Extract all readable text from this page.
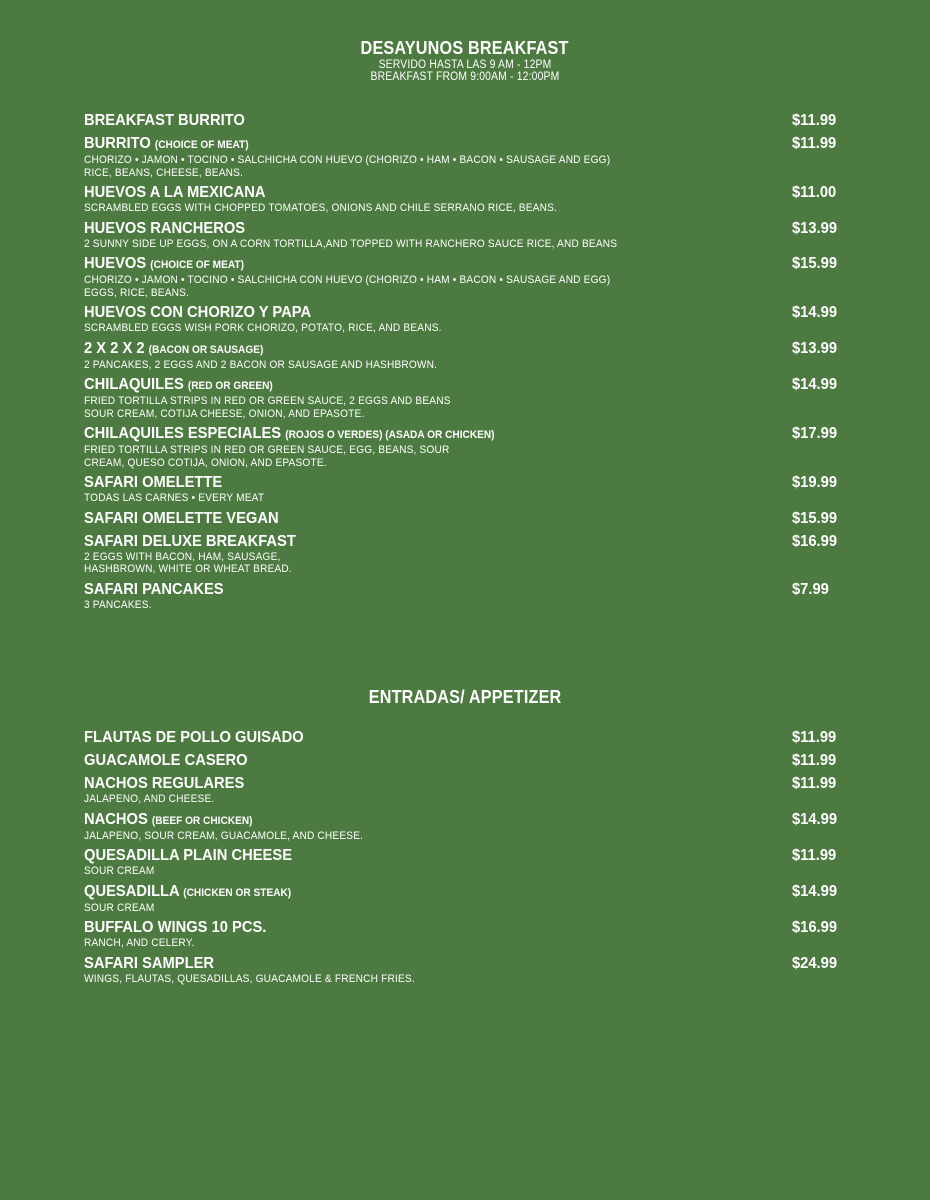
DESAYUNOS BREAKFAST
SERVIDO HASTA LAS 9 AM - 12PM
BREAKFAST FROM 9:00AM - 12:00PM
BREAKFAST BURRITO	$11.99
BURRITO (CHOICE OF MEAT)	$11.99
CHORIZO • JAMON • TOCINO • SALCHICHA CON HUEVO (CHORIZO • HAM • BACON • SAUSAGE AND EGG)
RICE, BEANS, CHEESE, BEANS.
HUEVOS A LA MEXICANA	$11.00
SCRAMBLED EGGS WITH CHOPPED TOMATOES, ONIONS AND CHILE SERRANO RICE, BEANS.
HUEVOS RANCHEROS	$13.99
2 SUNNY SIDE UP EGGS, ON A CORN TORTILLA,AND TOPPED WITH RANCHERO SAUCE RICE, AND BEANS
HUEVOS (CHOICE OF MEAT)	$15.99
CHORIZO • JAMON • TOCINO • SALCHICHA CON HUEVO (CHORIZO • HAM • BACON • SAUSAGE AND EGG)
EGGS, RICE, BEANS.
HUEVOS CON CHORIZO Y PAPA	$14.99
SCRAMBLED EGGS WISH PORK CHORIZO, POTATO, RICE, AND BEANS.
2 X 2 X 2 (BACON OR SAUSAGE)	$13.99
2 PANCAKES, 2 EGGS AND 2 BACON OR SAUSAGE AND HASHBROWN.
CHILAQUILES (RED OR GREEN)	$14.99
FRIED TORTILLA STRIPS IN RED OR GREEN SAUCE, 2 EGGS AND BEANS
SOUR CREAM, COTIJA CHEESE, ONION, AND EPASOTE.
CHILAQUILES ESPECIALES (ROJOS O VERDES) (ASADA OR CHICKEN)	$17.99
FRIED TORTILLA STRIPS IN RED OR GREEN SAUCE, EGG, BEANS, SOUR
CREAM, QUESO COTIJA, ONION, AND EPASOTE.
SAFARI OMELETTE	$19.99
TODAS LAS CARNES • EVERY MEAT
SAFARI OMELETTE VEGAN	$15.99
SAFARI DELUXE BREAKFAST	$16.99
2 EGGS WITH BACON, HAM, SAUSAGE,
HASHBROWN, WHITE OR WHEAT BREAD.
SAFARI PANCAKES	$7.99
3 PANCAKES.
ENTRADAS/ APPETIZER
FLAUTAS DE POLLO GUISADO	$11.99
GUACAMOLE CASERO	$11.99
NACHOS REGULARES	$11.99
JALAPENO, AND CHEESE.
NACHOS (BEEF OR CHICKEN)	$14.99
JALAPENO, SOUR CREAM, GUACAMOLE, AND CHEESE.
QUESADILLA PLAIN CHEESE	$11.99
SOUR CREAM
QUESADILLA (CHICKEN OR STEAK)	$14.99
SOUR CREAM
BUFFALO WINGS 10 PCS.	$16.99
RANCH, AND CELERY.
SAFARI SAMPLER	$24.99
WINGS, FLAUTAS, QUESADILLAS, GUACAMOLE & FRENCH FRIES.
